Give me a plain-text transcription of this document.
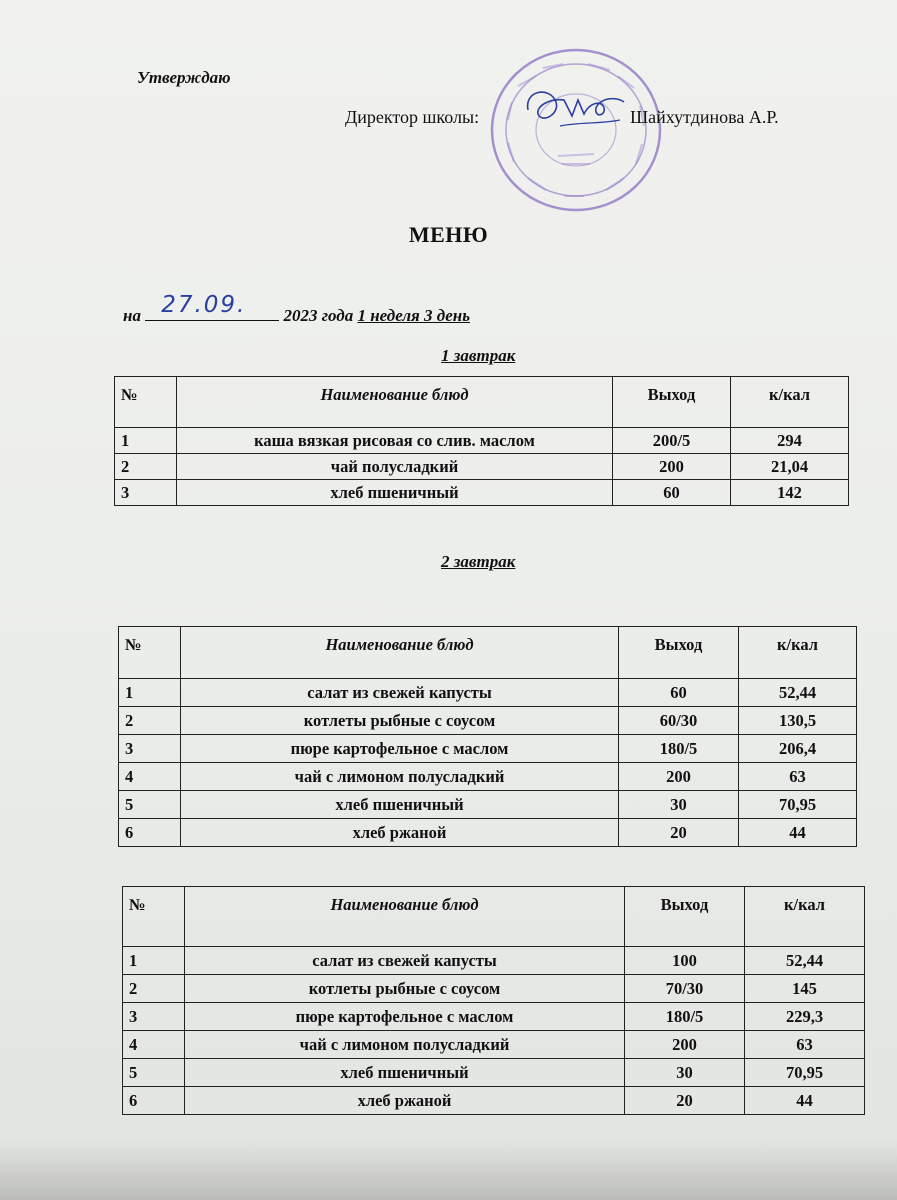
Утверждаю
Директор школы:	Шайхутдинова А.Р.
МЕНЮ
на 27.09. 2023 года 1 неделя 3 день
1 завтрак
№	Наименование блюд	Выход	к/кал
1	каша вязкая рисовая со слив. маслом	200/5	294
2	чай полусладкий	200	21,04
3	хлеб пшеничный	60	142
2 завтрак
№	Наименование блюд	Выход	к/кал
1	салат из свежей капусты	60	52,44
2	котлеты рыбные с соусом	60/30	130,5
3	пюре картофельное с маслом	180/5	206,4
4	чай с лимоном полусладкий	200	63
5	хлеб пшеничный	30	70,95
6	хлеб ржаной	20	44
№	Наименование блюд	Выход	к/кал
1	салат из свежей капусты	100	52,44
2	котлеты рыбные с соусом	70/30	145
3	пюре картофельное с маслом	180/5	229,3
4	чай с лимоном полусладкий	200	63
5	хлеб пшеничный	30	70,95
6	хлеб ржаной	20	44
